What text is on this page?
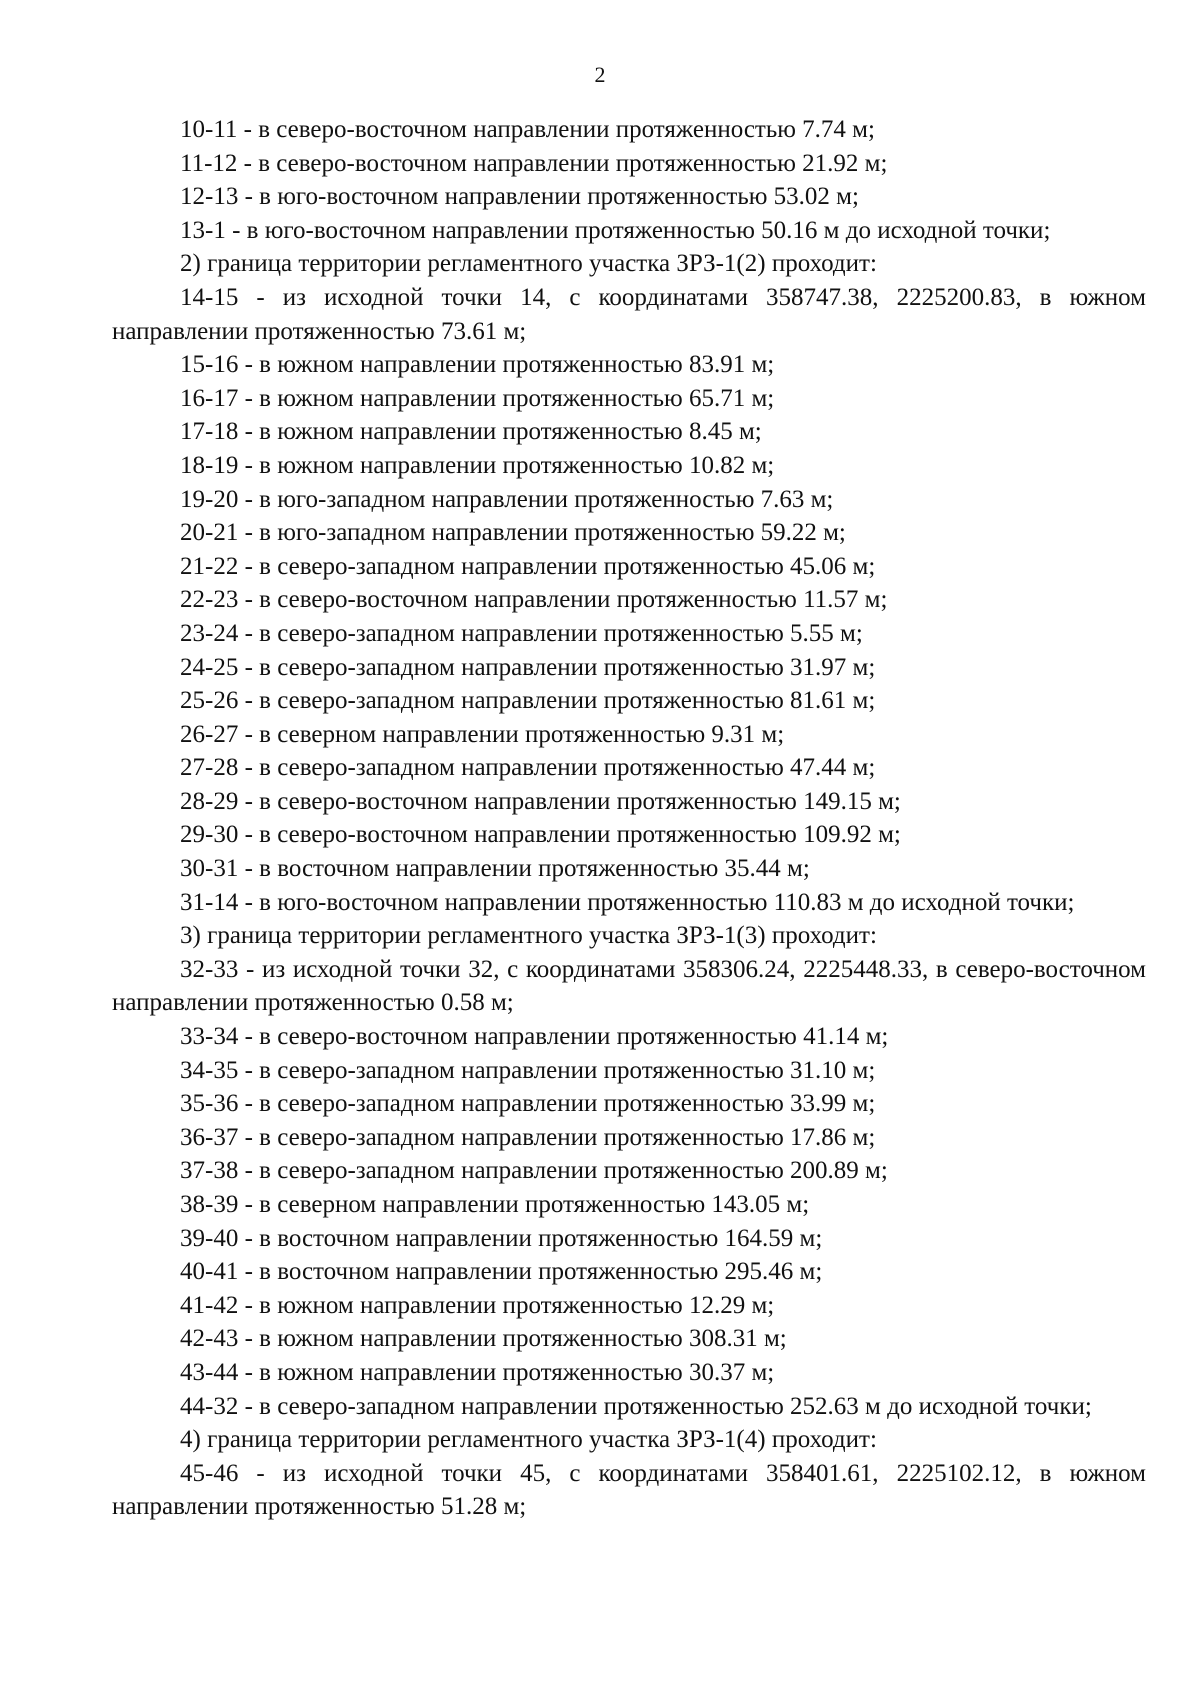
2

10-11 - в северо-восточном направлении протяженностью 7.74 м;

11-12 - в северо-восточном направлении протяженностью 21.92 м;

12-13 - в юго-восточном направлении протяженностью 53.02 м;

13-1 - в юго-восточном направлении протяженностью 50.16 м до исходной точки;

2) граница территории регламентного участка ЗРЗ-1(2) проходит:

14-15 - из исходной точки 14, с координатами 358747.38, 2225200.83, в южном направлении протяженностью 73.61 м;

15-16 - в южном направлении протяженностью 83.91 м;

16-17 - в южном направлении протяженностью 65.71 м;

17-18 - в южном направлении протяженностью 8.45 м;

18-19 - в южном направлении протяженностью 10.82 м;

19-20 - в юго-западном направлении протяженностью 7.63 м;

20-21 - в юго-западном направлении протяженностью 59.22 м;

21-22 - в северо-западном направлении протяженностью 45.06 м;

22-23 - в северо-восточном направлении протяженностью 11.57 м;

23-24 - в северо-западном направлении протяженностью 5.55 м;

24-25 - в северо-западном направлении протяженностью 31.97 м;

25-26 - в северо-западном направлении протяженностью 81.61 м;

26-27 - в северном направлении протяженностью 9.31 м;

27-28 - в северо-западном направлении протяженностью 47.44 м;

28-29 - в северо-восточном направлении протяженностью 149.15 м;

29-30 - в северо-восточном направлении протяженностью 109.92 м;

30-31 - в восточном направлении протяженностью 35.44 м;

31-14 - в юго-восточном направлении протяженностью 110.83 м до исходной точки;

3) граница территории регламентного участка ЗРЗ-1(3) проходит:

32-33 - из исходной точки 32, с координатами 358306.24, 2225448.33, в северо-восточном направлении протяженностью 0.58 м;

33-34 - в северо-восточном направлении протяженностью 41.14 м;

34-35 - в северо-западном направлении протяженностью 31.10 м;

35-36 - в северо-западном направлении протяженностью 33.99 м;

36-37 - в северо-западном направлении протяженностью 17.86 м;

37-38 - в северо-западном направлении протяженностью 200.89 м;

38-39 - в северном направлении протяженностью 143.05 м;

39-40 - в восточном направлении протяженностью 164.59 м;

40-41 - в восточном направлении протяженностью 295.46 м;

41-42 - в южном направлении протяженностью 12.29 м;

42-43 - в южном направлении протяженностью 308.31 м;

43-44 - в южном направлении протяженностью 30.37 м;

44-32 - в северо-западном направлении протяженностью 252.63 м до исходной точки;

4) граница территории регламентного участка ЗРЗ-1(4) проходит:

45-46 - из исходной точки 45, с координатами 358401.61, 2225102.12, в южном направлении протяженностью 51.28 м;
